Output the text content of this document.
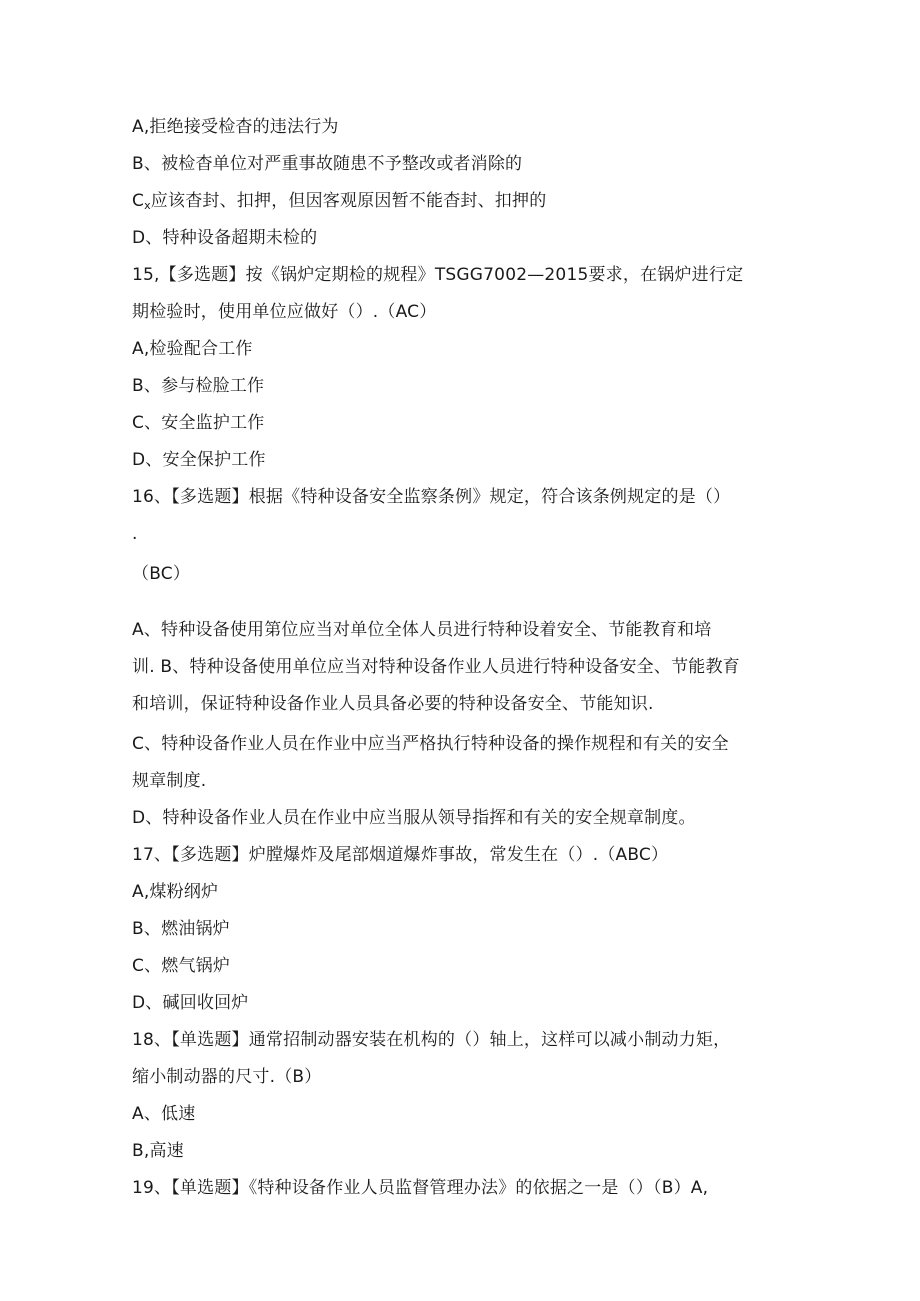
A,拒绝接受检杳的违法行为
B、被检杳单位对严重事故随患不予整改或者消除的
$C_x$应该杳封、扣押，但因客观原因暂不能杳封、扣押的
D、特种设备超期未检的
15,【多选题】按《锅炉定期检的规程》TSGG7002—2015要求，在锅炉进行定
期检验时，使用单位应做好（）.（AC）
A,检验配合工作
B、参与检脸工作
C、安全监护工作
D、安全保护工作
16、【多选题】根据《特种设备安全监察条例》规定，符合该条例规定的是（）
.
（BC）
A、特种设备使用第位应当对单位全体人员进行特种设着安全、节能教育和培
训. B、特种设备使用单位应当对特种设备作业人员进行特种设备安全、节能教育
和培训，保证特种设备作业人员具备必要的特种设备安全、节能知识.
C、特种设备作业人员在作业中应当严格执行特种设备的操作规程和有关的安全
规章制度.
D、特种设备作业人员在作业中应当服从领导指挥和有关的安全规章制度。
17、【多选题】炉膛爆炸及尾部烟道爆炸事故，常发生在（）.（ABC）
A,煤粉纲炉
B、燃油锅炉
C、燃气锅炉
D、碱回收回炉
18、【单选题】通常招制动器安装在机构的（）轴上，这样可以减小制动力矩，
缩小制动器的尺寸.（B）
A、低速
B,高速
19、【单选题】《特种设备作业人员监督管理办法》的依据之一是（）（B）A,
